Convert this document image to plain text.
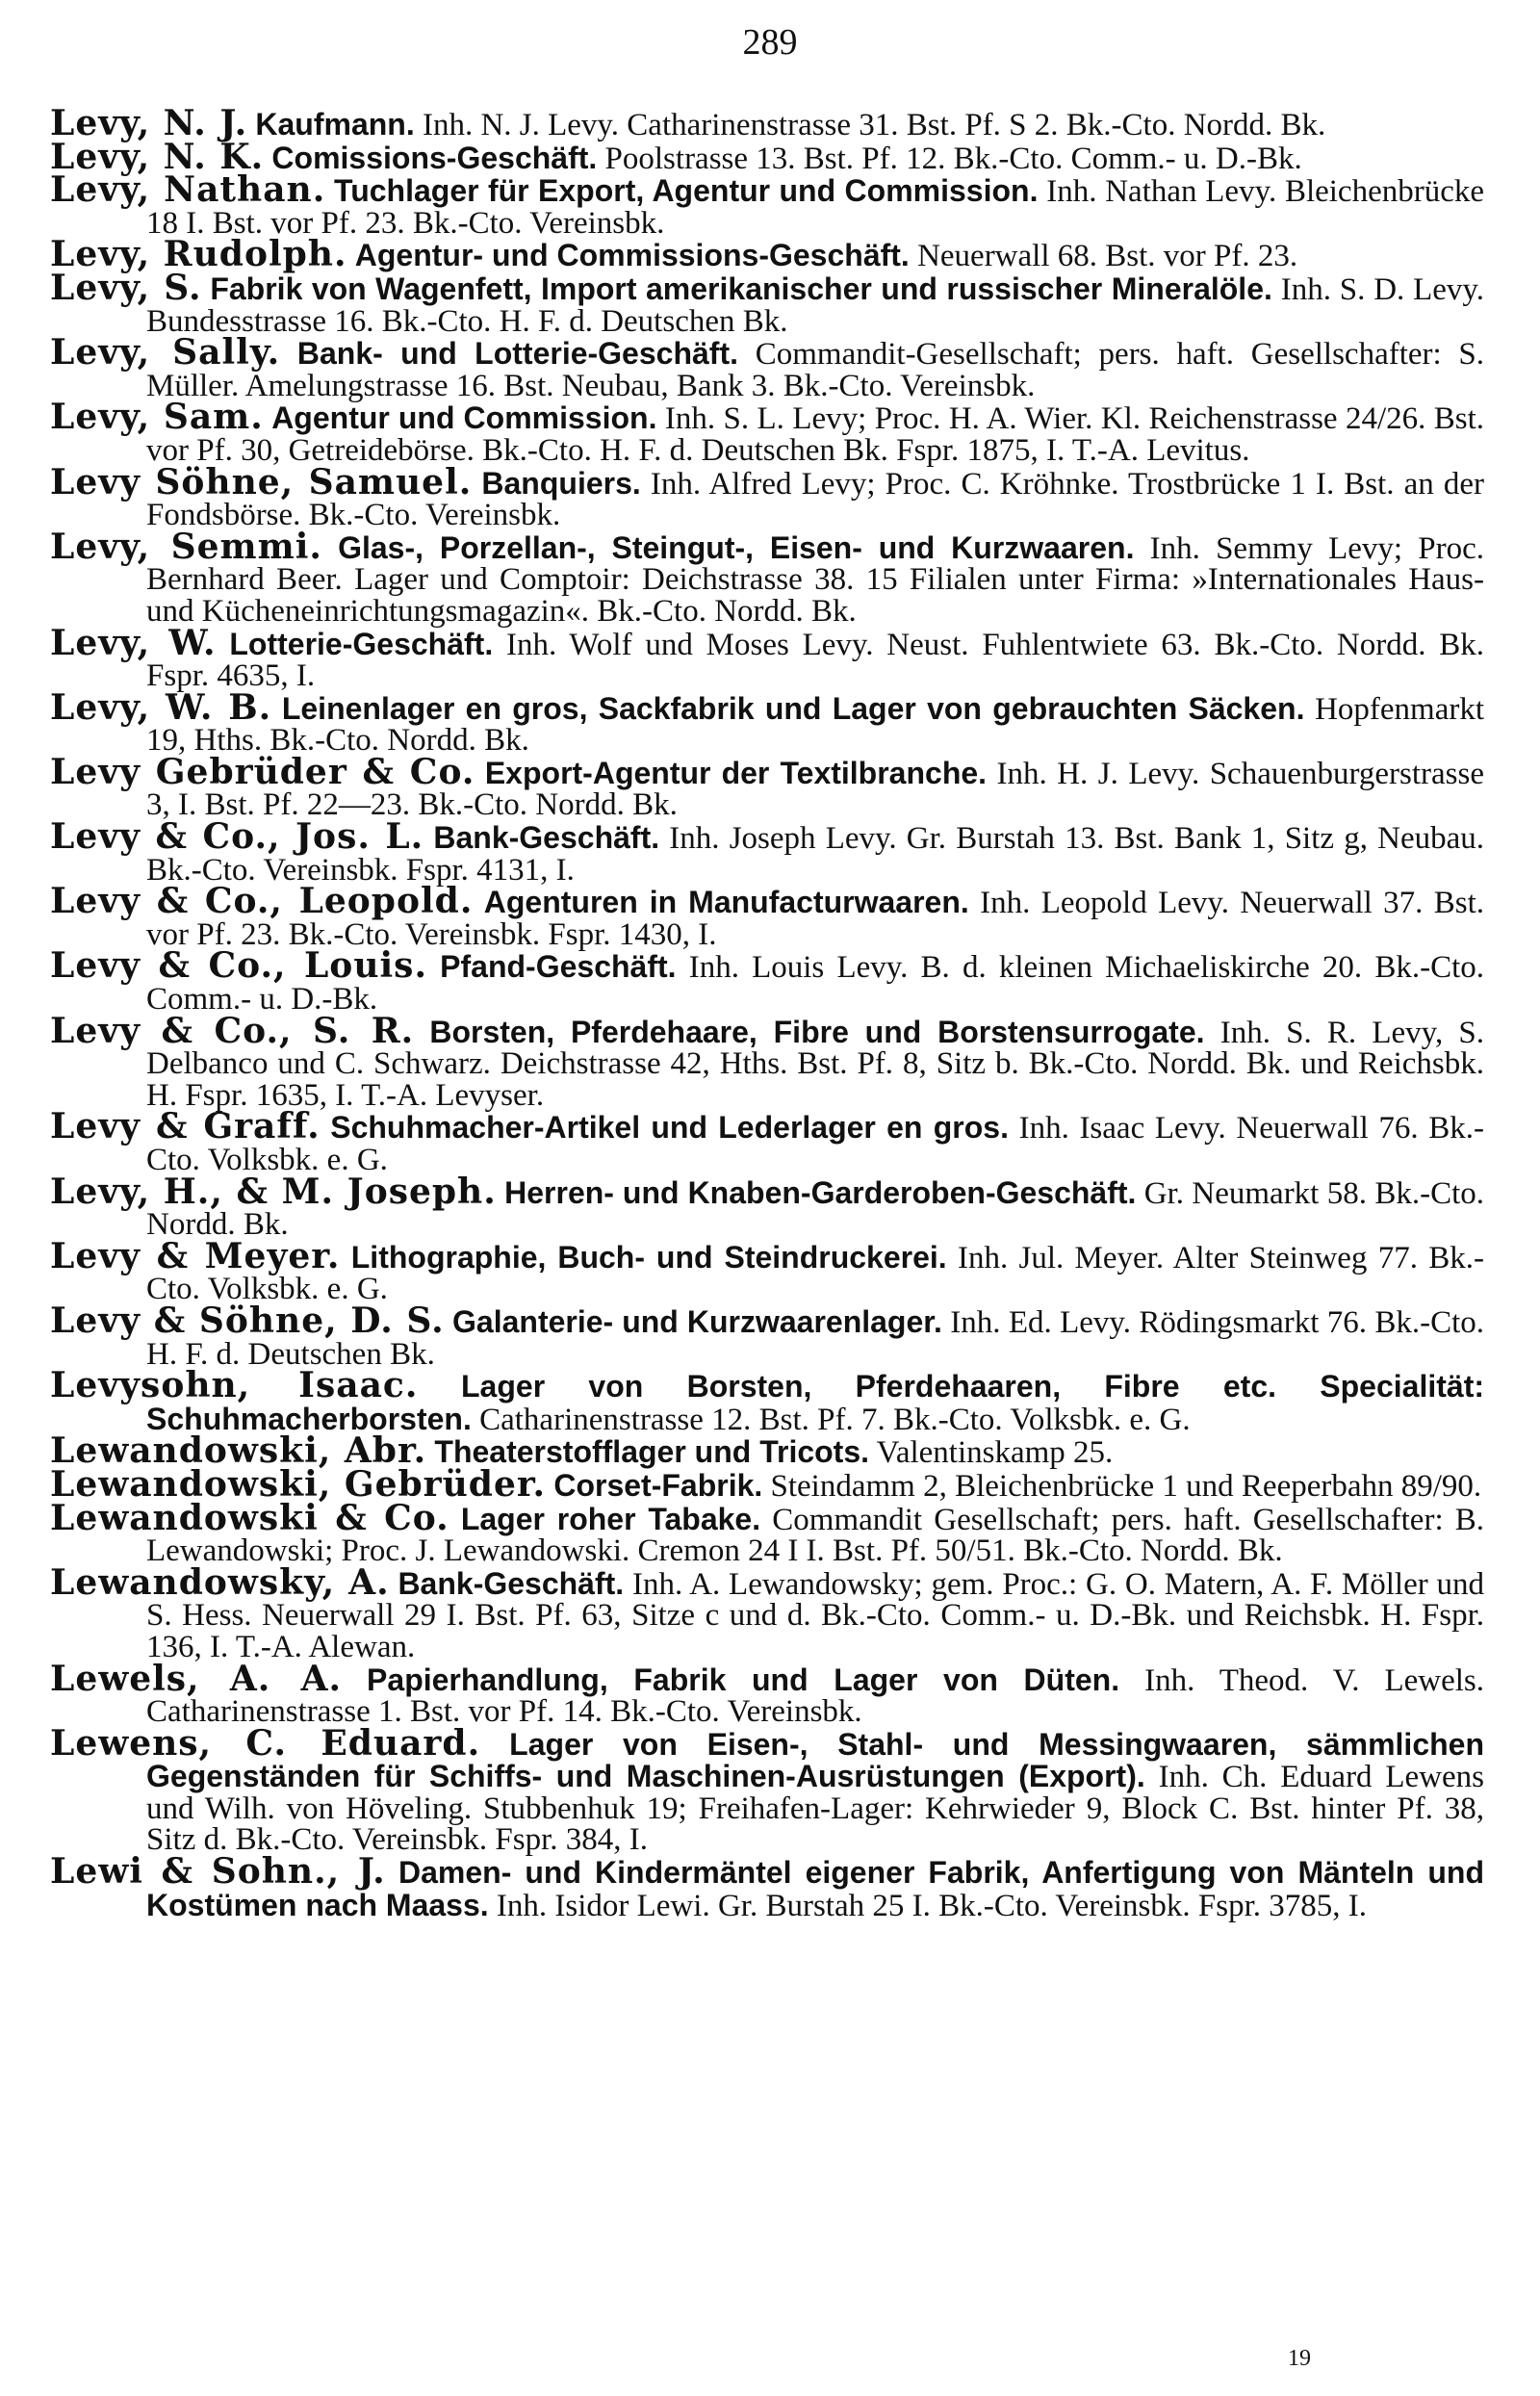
289

Levy, N. J. Kaufmann. Inh. N. J. Levy. Catharinenstrasse 31. Bst. Pf. S 2. Bk.-Cto. Nordd. Bk.

Levy, N. K. Comissions-Geschäft. Poolstrasse 13. Bst. Pf. 12. Bk.-Cto. Comm.- u. D.-Bk.

Levy, Nathan. Tuchlager für Export, Agentur und Commission. Inh. Nathan Levy. Bleichenbrücke 18 I. Bst. vor Pf. 23. Bk.-Cto. Vereinsbk.

Levy, Rudolph. Agentur- und Commissions-Geschäft. Neuerwall 68. Bst. vor Pf. 23.

Levy, S. Fabrik von Wagenfett, Import amerikanischer und russischer Mineralöle. Inh. S. D. Levy. Bundesstrasse 16. Bk.-Cto. H. F. d. Deutschen Bk.

Levy, Sally. Bank- und Lotterie-Geschäft. Commandit-Gesellschaft; pers. haft. Gesellschafter: S. Müller. Amelungstrasse 16. Bst. Neubau, Bank 3. Bk.-Cto. Vereinsbk.

Levy, Sam. Agentur und Commission. Inh. S. L. Levy; Proc. H. A. Wier. Kl. Reichenstrasse 24/26. Bst. vor Pf. 30, Getreidebörse. Bk.-Cto. H. F. d. Deutschen Bk. Fspr. 1875, I. T.-A. Levitus.

Levy Söhne, Samuel. Banquiers. Inh. Alfred Levy; Proc. C. Kröhnke. Trostbrücke 1 I. Bst. an der Fondsbörse. Bk.-Cto. Vereinsbk.

Levy, Semmi. Glas-, Porzellan-, Steingut-, Eisen- und Kurzwaaren. Inh. Semmy Levy; Proc. Bernhard Beer. Lager und Comptoir: Deichstrasse 38. 15 Filialen unter Firma: »Internationales Haus- und Kücheneinrichtungsmagazin«. Bk.-Cto. Nordd. Bk.

Levy, W. Lotterie-Geschäft. Inh. Wolf und Moses Levy. Neust. Fuhlentwiete 63. Bk.-Cto. Nordd. Bk. Fspr. 4635, I.

Levy, W. B. Leinenlager en gros, Sackfabrik und Lager von gebrauchten Säcken. Hopfenmarkt 19, Hths. Bk.-Cto. Nordd. Bk.

Levy Gebrüder & Co. Export-Agentur der Textilbranche. Inh. H. J. Levy. Schauenburgerstrasse 3, I. Bst. Pf. 22—23. Bk.-Cto. Nordd. Bk.

Levy & Co., Jos. L. Bank-Geschäft. Inh. Joseph Levy. Gr. Burstah 13. Bst. Bank 1, Sitz g, Neubau. Bk.-Cto. Vereinsbk. Fspr. 4131, I.

Levy & Co., Leopold. Agenturen in Manufacturwaaren. Inh. Leopold Levy. Neuerwall 37. Bst. vor Pf. 23. Bk.-Cto. Vereinsbk. Fspr. 1430, I.

Levy & Co., Louis. Pfand-Geschäft. Inh. Louis Levy. B. d. kleinen Michaeliskirche 20. Bk.-Cto. Comm.- u. D.-Bk.

Levy & Co., S. R. Borsten, Pferdehaare, Fibre und Borstensurrogate. Inh. S. R. Levy, S. Delbanco und C. Schwarz. Deichstrasse 42, Hths. Bst. Pf. 8, Sitz b. Bk.-Cto. Nordd. Bk. und Reichsbk. H. Fspr. 1635, I. T.-A. Levyser.

Levy & Graff. Schuhmacher-Artikel und Lederlager en gros. Inh. Isaac Levy. Neuerwall 76. Bk.-Cto. Volksbk. e. G.

Levy, H., & M. Joseph. Herren- und Knaben-Garderoben-Geschäft. Gr. Neumarkt 58. Bk.-Cto. Nordd. Bk.

Levy & Meyer. Lithographie, Buch- und Steindruckerei. Inh. Jul. Meyer. Alter Steinweg 77. Bk.-Cto. Volksbk. e. G.

Levy & Söhne, D. S. Galanterie- und Kurzwaarenlager. Inh. Ed. Levy. Rödingsmarkt 76. Bk.-Cto. H. F. d. Deutschen Bk.

Levysohn, Isaac. Lager von Borsten, Pferdehaaren, Fibre etc. Specialität: Schuhmacherborsten. Catharinenstrasse 12. Bst. Pf. 7. Bk.-Cto. Volksbk. e. G.

Lewandowski, Abr. Theaterstofflager und Tricots. Valentinskamp 25.

Lewandowski, Gebrüder. Corset-Fabrik. Steindamm 2, Bleichenbrücke 1 und Reeperbahn 89/90.

Lewandowski & Co. Lager roher Tabake. Commandit Gesellschaft; pers. haft. Gesellschafter: B. Lewandowski; Proc. J. Lewandowski. Cremon 24 I I. Bst. Pf. 50/51. Bk.-Cto. Nordd. Bk.

Lewandowsky, A. Bank-Geschäft. Inh. A. Lewandowsky; gem. Proc.: G. O. Matern, A. F. Möller und S. Hess. Neuerwall 29 I. Bst. Pf. 63, Sitze c und d. Bk.-Cto. Comm.- u. D.-Bk. und Reichsbk. H. Fspr. 136, I. T.-A. Alewan.

Lewels, A. A. Papierhandlung, Fabrik und Lager von Düten. Inh. Theod. V. Lewels. Catharinenstrasse 1. Bst. vor Pf. 14. Bk.-Cto. Vereinsbk.

Lewens, C. Eduard. Lager von Eisen-, Stahl- und Messingwaaren, sämmlichen Gegenständen für Schiffs- und Maschinen-Ausrüstungen (Export). Inh. Ch. Eduard Lewens und Wilh. von Höveling. Stubbenhuk 19; Freihafen-Lager: Kehrwieder 9, Block C. Bst. hinter Pf. 38, Sitz d. Bk.-Cto. Vereinsbk. Fspr. 384, I.

Lewi & Sohn., J. Damen- und Kindermäntel eigener Fabrik, Anfertigung von Mänteln und Kostümen nach Maass. Inh. Isidor Lewi. Gr. Burstah 25 I. Bk.-Cto. Vereinsbk. Fspr. 3785, I.

19
